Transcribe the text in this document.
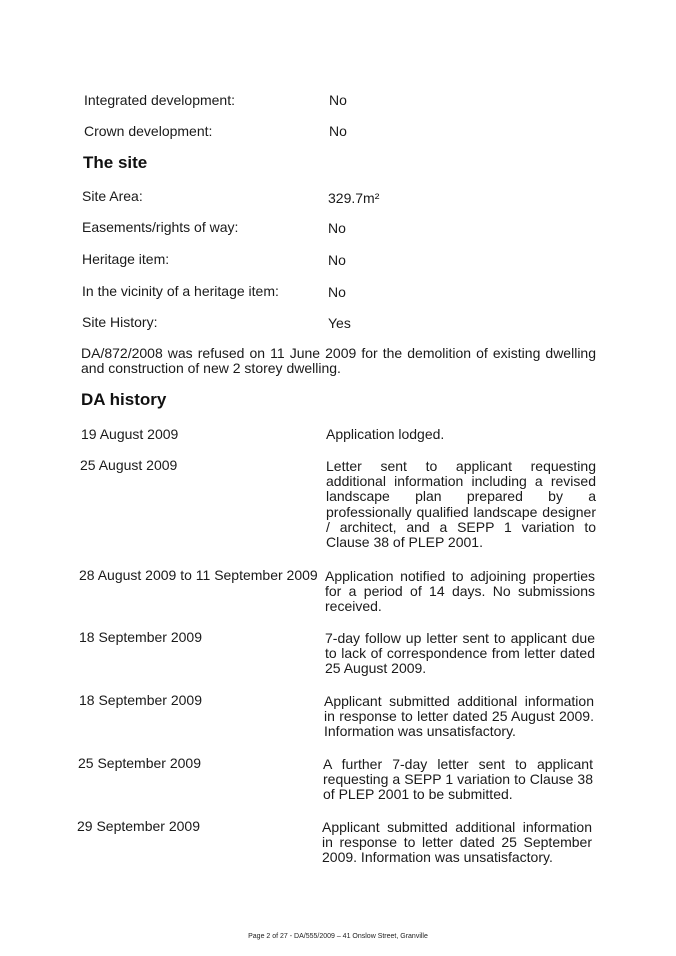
Integrated development:	No
Crown development:	No
The site
Site Area:	329.7m²
Easements/rights of way:	No
Heritage item:	No
In the vicinity of a heritage item:	No
Site History:	Yes
DA/872/2008 was refused on 11 June 2009 for the demolition of existing dwelling and construction of new 2 storey dwelling.
DA history
19 August 2009	Application lodged.
25 August 2009	Letter sent to applicant requesting additional information including a revised landscape plan prepared by a professionally qualified landscape designer / architect, and a SEPP 1 variation to Clause 38 of PLEP 2001.
28 August 2009 to 11 September 2009 Application notified to adjoining properties for a period of 14 days. No submissions received.
18 September 2009	7-day follow up letter sent to applicant due to lack of correspondence from letter dated 25 August 2009.
18 September 2009	Applicant submitted additional information in response to letter dated 25 August 2009. Information was unsatisfactory.
25 September 2009	A further 7-day letter sent to applicant requesting a SEPP 1 variation to Clause 38 of PLEP 2001 to be submitted.
29 September 2009	Applicant submitted additional information in response to letter dated 25 September 2009. Information was unsatisfactory.
Page 2 of 27 - DA/555/2009 – 41 Onslow Street, Granville
